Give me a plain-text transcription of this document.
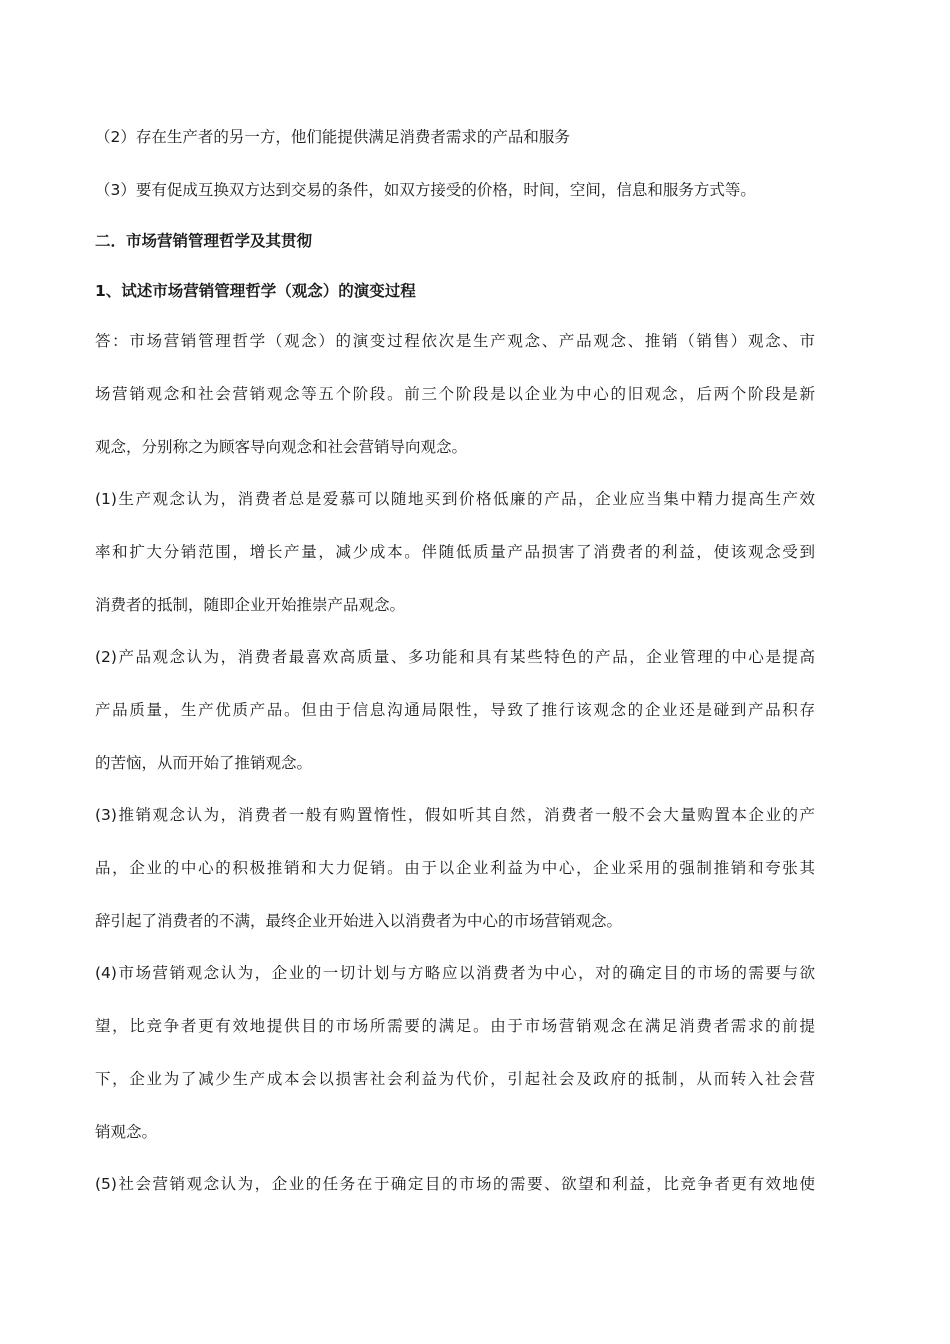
（2）存在生产者的另一方，他们能提供满足消费者需求的产品和服务
（3）要有促成互换双方达到交易的条件，如双方接受的价格，时间，空间，信息和服务方式等。
二．市场营销管理哲学及其贯彻
1、试述市场营销管理哲学（观念）的演变过程
答：市场营销管理哲学（观念）的演变过程依次是生产观念、产品观念、推销（销售）观念、市
场营销观念和社会营销观念等五个阶段。前三个阶段是以企业为中心的旧观念，后两个阶段是新
观念，分别称之为顾客导向观念和社会营销导向观念。
(1)生产观念认为，消费者总是爱慕可以随地买到价格低廉的产品，企业应当集中精力提高生产效
率和扩大分销范围，增长产量，减少成本。伴随低质量产品损害了消费者的利益，使该观念受到
消费者的抵制，随即企业开始推崇产品观念。
(2)产品观念认为，消费者最喜欢高质量、多功能和具有某些特色的产品，企业管理的中心是提高
产品质量，生产优质产品。但由于信息沟通局限性，导致了推行该观念的企业还是碰到产品积存
的苦恼，从而开始了推销观念。
(3)推销观念认为，消费者一般有购置惰性，假如听其自然，消费者一般不会大量购置本企业的产
品，企业的中心的积极推销和大力促销。由于以企业利益为中心，企业采用的强制推销和夸张其
辞引起了消费者的不满，最终企业开始进入以消费者为中心的市场营销观念。
(4)市场营销观念认为，企业的一切计划与方略应以消费者为中心，对的确定目的市场的需要与欲
望，比竞争者更有效地提供目的市场所需要的满足。由于市场营销观念在满足消费者需求的前提
下，企业为了减少生产成本会以损害社会利益为代价，引起社会及政府的抵制，从而转入社会营
销观念。
(5)社会营销观念认为，企业的任务在于确定目的市场的需要、欲望和利益，比竞争者更有效地使
